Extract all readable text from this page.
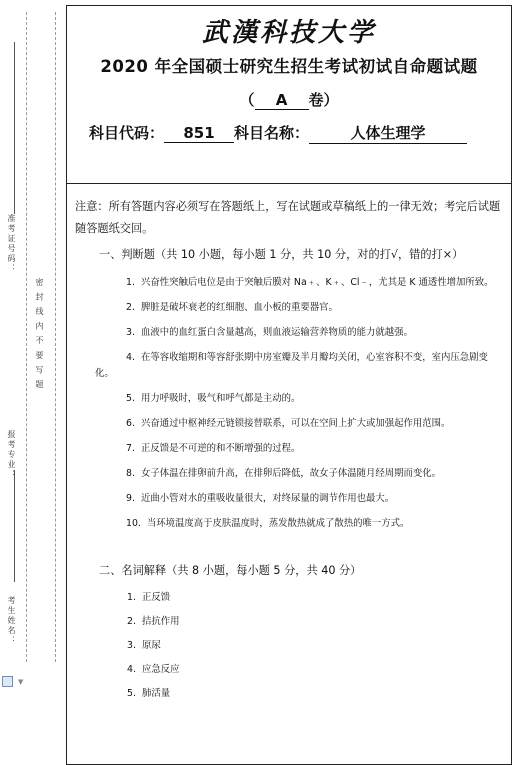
准考证号码：
密 封 线 内 不 要 写 题
报考专业：
考生姓名：
▼
武漢科技大学
2020 年全国硕士研究生招生考试初试自命题试题
（ A 卷）
科目代码： 851 科目名称：	人体生理学
注意：所有答题内容必须写在答题纸上，写在试题或草稿纸上的一律无效；考完后试题随答题纸交回。
一、判断题（共 10 小题，每小题 1 分，共 10 分，对的打√，错的打×）
1. 兴奋性突触后电位是由于突触后膜对 Na﹢、K﹢、Cl﹣，尤其是 K 通透性增加所致。
2. 脾脏是破坏衰老的红细胞、血小板的重要器官。
3. 血液中的血红蛋白含量越高，则血液运输营养物质的能力就越强。
4. 在等容收缩期和等容舒张期中房室瓣及半月瓣均关闭，心室容积不变，室内压急剧变化。
5. 用力呼吸时，吸气和呼气都是主动的。
6. 兴奋通过中枢神经元链锁接替联系，可以在空间上扩大或加强起作用范围。
7. 正反馈是不可逆的和不断增强的过程。
8. 女子体温在排卵前升高，在排卵后降低，故女子体温随月经周期而变化。
9. 近曲小管对水的重吸收量很大，对终尿量的调节作用也最大。
10. 当环境温度高于皮肤温度时，蒸发散热就成了散热的唯一方式。
二、名词解释（共 8 小题，每小题 5 分，共 40 分）
1. 正反馈
2. 拮抗作用
3. 原尿
4. 应急反应
5. 肺活量
